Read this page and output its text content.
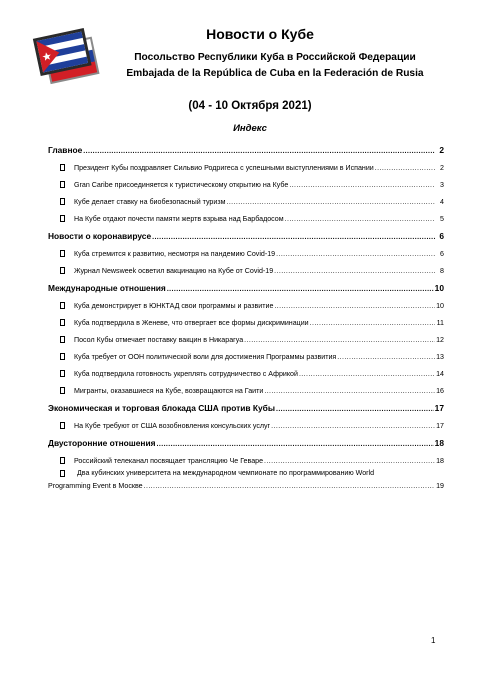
Новости о Кубе
Посольство Республики Куба в Российской Федерации
Embajada de la República de Cuba en la Federación de Rusia
(04 - 10 Октября 2021)
Индекс
Главное .....	2
Президент Кубы поздравляет Сильвио Родригеса с успешными выступлениями в Испании .....	2
Gran Caribe присоединяется к туристическому открытию на Кубе .....	3
Кубе делает ставку на биобезопасный туризм .....	4
На Кубе отдают почести памяти жертв взрыва над Барбадосом .....	5
Новости о коронавирусе .....	6
Куба стремится к развитию, несмотря на пандемию Covid-19 .....	6
Журнал Newsweek осветил вакцинацию на Кубе от Covid-19 .....	8
Международные отношения .....	10
Куба демонстрирует в ЮНКТАД свои программы и развитие .....	10
Куба подтвердила в Женеве, что отвергает все формы дискриминации .....	11
Посол Кубы отмечает поставку вакцин в Никарагуа .....	12
Куба требует от ООН политической воли для достижения Программы развития .....	13
Куба подтвердила готовность укреплять сотрудничество с Африкой .....	14
Мигранты, оказавшиеся на Кубе, возвращаются на Гаити .....	16
Экономическая и торговая блокада США против Кубы .....	17
На Кубе требуют от США возобновления консульских услуг .....	17
Двусторонние отношения .....	18
Российский телеканал посвящает трансляцию Че Геваре .....	18
Два кубинских университета на международном чемпионате по программированию World
Programming Event в Москве .....	19
1
